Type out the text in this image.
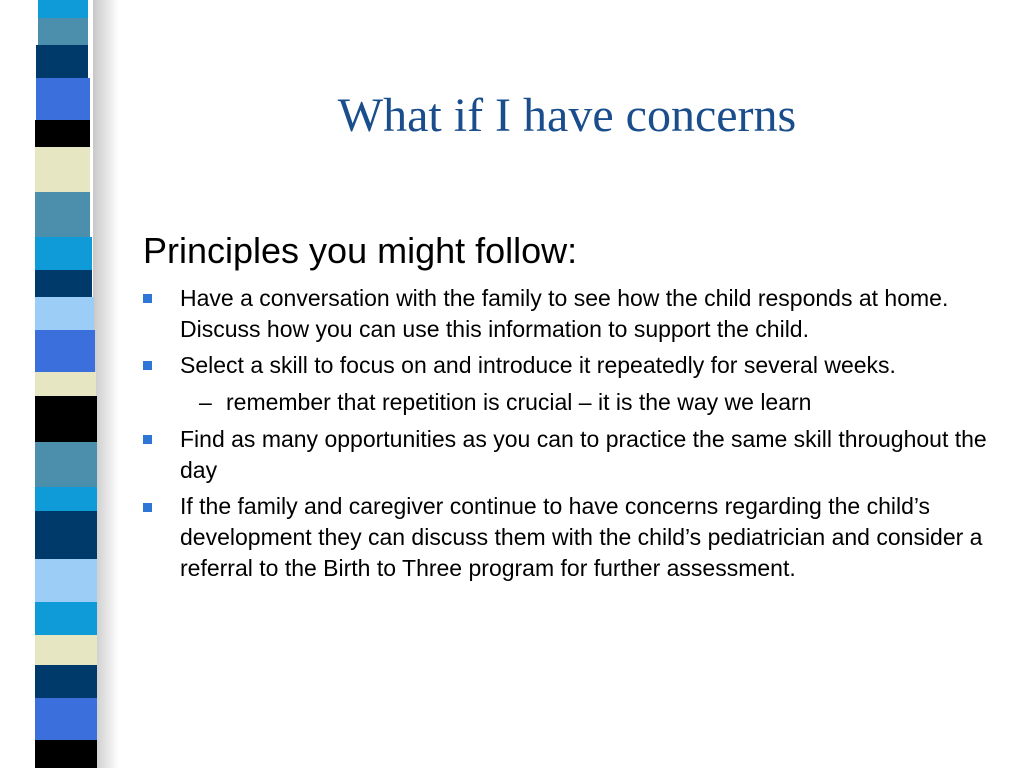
What if I have concerns
Principles you might follow:
Have a conversation with the family to see how the child responds at home. Discuss how you can use this information to support the child.
Select a skill to focus on and introduce it repeatedly for several weeks.
– remember that repetition is crucial – it is the way we learn
Find as many opportunities as you can to practice the same skill throughout the day
If the family and caregiver continue to have concerns regarding the child’s development they can discuss them with the child’s pediatrician and consider a referral to the Birth to Three program for further assessment.
